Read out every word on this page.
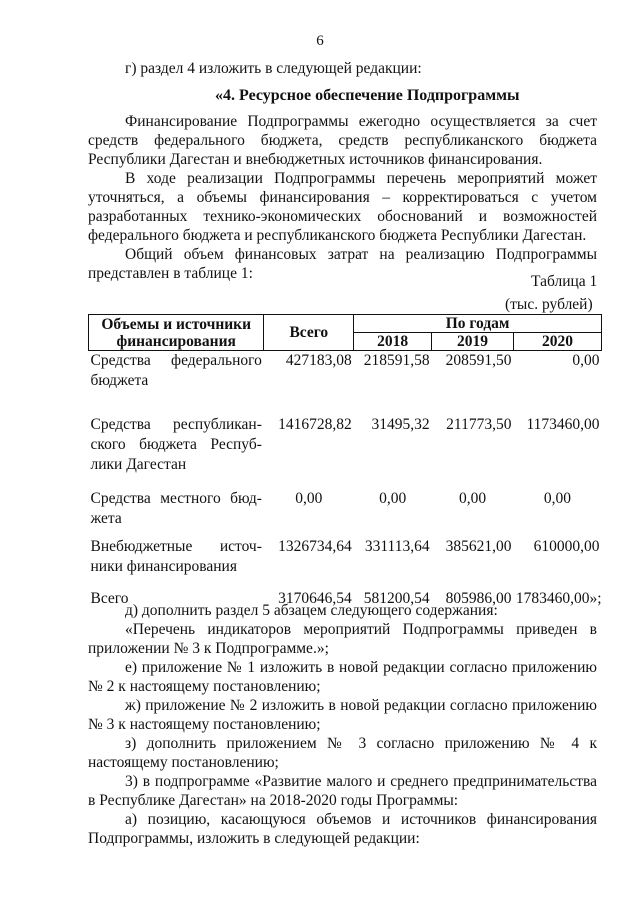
6
г) раздел 4 изложить в следующей редакции:
«4. Ресурсное обеспечение Подпрограммы
Финансирование Подпрограммы ежегодно осуществляется за счет
средств федерального бюджета, средств республиканского бюджета
Республики Дагестан и внебюджетных источников финансирования.
В ходе реализации Подпрограммы перечень мероприятий может
уточняться, а объемы финансирования – корректироваться с учетом
разработанных технико-экономических обоснований и возможностей
федерального бюджета и республиканского бюджета Республики Дагестан.
Общий объем финансовых затрат на реализацию Подпрограммы
представлен в таблице 1:	Таблица 1
(тыс. рублей)
Объемы и источники финансирования	Всего	По годам		
		2018	2019	2020
Средства федерального бюджета	427183,08	218591,58	208591,50	0,00
Средства республикан-ского бюджета Респуб-лики Дагестан	1416728,82	31495,32	211773,50	1173460,00
Средства местного бюд-жета	0,00	0,00	0,00	0,00
Внебюджетные источ-ники финансирования	1326734,64	331113,64	385621,00	610000,00
Всего	3170646,54	581200,54	805986,00	1783460,00»;
д) дополнить раздел 5 абзацем следующего содержания:
«Перечень индикаторов мероприятий Подпрограммы приведен в
приложении № 3 к Подпрограмме.»;
е) приложение № 1 изложить в новой редакции согласно приложению
№ 2 к настоящему постановлению;
ж) приложение № 2 изложить в новой редакции согласно приложению
№ 3 к настоящему постановлению;
з) дополнить приложением № 3 согласно приложению № 4 к
настоящему постановлению;
3) в подпрограмме «Развитие малого и среднего предпринимательства
в Республике Дагестан» на 2018-2020 годы Программы:
а) позицию, касающуюся объемов и источников финансирования
Подпрограммы, изложить в следующей редакции:
